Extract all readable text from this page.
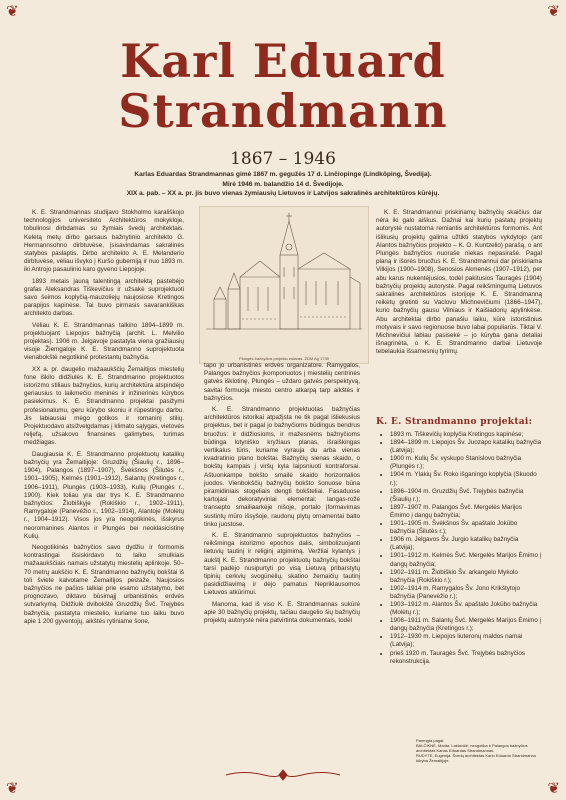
❦	❦
❦	❦
Karl Eduard
Strandmann
1867 – 1946
Karlas Eduardas Strandmannas gimė 1867 m. gegužės 17 d. Linčiopinge (Lindköping, Švedija).
Mirė 1946 m. balandžio 14 d. Švedijoje.
XIX a. pab. – XX a. pr. jis buvo vienas žymiausių Lietuvos ir Latvijos sakralinės architektūros kūrėjų.

K. E. Strandmannas studijavo Stokholmo karališkojo technologijos universiteto Architektūros mokykloje, tobulinosi dirbdamas su žymiais švedų architektais. Keletą metų dirbo garsaus bažnytinio architekto G. Hermannsohno dirbtuvėse, įsisavindamas sakralinės statybos paslaptis. Dirbo architekto A. E. Melanderio dirbtuvėse, vėliau išvyko į Kuršo guberniją ir nuo 1893 m. iki Antrojo pasaulinio karo gyveno Liepojoje.

1893 metais jauną talentingą architektą pastebėjo grafas Aleksandras Tiškevičius ir užsakė suprojektuoti savo šeimos koplyčią-mauzoliejų naujosiose Kretingos parapijos kapinėse. Tai buvo pirmasis savarankiškas architekto darbas.

Vėliau K. E. Strandmannas talkino 1894–1899 m. projektuojant Liepojos bažnyčią (archit. L. Melvilio projektas). 1906 m. Jelgavoje pastatyta viena gražiausių visoje Žiemgaloje K. E. Strandmanno suprojektuota vienabokštė negotikinė protestantų bažnyčia.

XX a. pr. daugelio mažaaukščių Žemaitijos miestelių fone iškilo didžiulės K. E. Strandmanno projektuotos istorizmo stiliaus bažnyčios, kurių architektūra atspindėjo geriausius to laikmečio meninės ir inžinerinės kūrybos pasiekimus. K. E. Strandmanno projektai pasižymi profesionalumu, geru kūrybo skoniu ir rūpestingu darbu. Jis labiausiai mėgo gotikos ir romaninį stilių. Projektuodavo atsižvelgdamas į klimato sąlygas, vietovės reljefą, užsakovo finansines galimybes, turimas medžiagas.

Daugiausia K. E. Strandmanno projektuotų katalikų bažnyčių yra Žemaitijoje: Gruzdžių (Šiaulių r., 1896–1904), Palangos (1897–1907), Švėkšnos (Šilutės r., 1901–1905), Kelmės (1901–1912), Salantų (Kretingos r., 1906–1911), Plungės (1903–1933), Kulių (Plungės r., 1900). Kiek toliau yra dar trys K. E. Strandmanno bažnyčios: Žiobiškyje (Rokiškio r., 1902–1911), Ramygaloje (Panevėžio r., 1902–1914), Alantoje (Molėtų r., 1904–1912). Visos jos yra neogotikinės, išskyrus neoromanines Alantos ir Plungės bei neoklasicistinę Kulių.

Neogotikinės bažnyčios savo dydžiu ir formomis kontrastingai išsiskirdavo to laiko smulkiais mažaaukščiais namais užstatytų miestelių aplinkoje. 50–70 metrų aukščio K. E. Strandmanno bažnyčių bokštai iš toli šviete kalvotame Žemaitijos peizaže. Naujosios bažnyčios ne pačios talkiai prie esamo užstatymo, bet prognozavo, diktavo būsimąjį urbanistinės erdvės sutvarkymą. Didžiulė dvibokštė Gruzdžių Švč. Trejybės bažnyčia, pastatyta miestelio, kuriame tuo laiku buvo apie 1 200 gyventojų, aikštės rytiniame šone,

Plungės bažnyčios projekto eskizas. ŽDM Ag 1739

tapo jo urbanistinės erdvės organizatore. Ramygalos, Palangos bažnyčios įkomponuotos į miestelių centrinės gatvės išklotinę, Plungės – uždaro gatvės perspektyvą, savitai formuoja miesto centro atkarpą tarp aikštės ir bažnyčios.

K. E. Strandmanno projektuotas bažnyčias architektūros istorikai atpažįsta ne tik pagal išliekusius projektus, bet ir pagal jo bažnyčioms būdingus bendrus bruožus: ir didžiosioms, ir mažesnėms bažnyčioms būdinga lotyniško kryžiaus planas, išraiškingas vertikalus tūris, kuriame vyrauja du arba vienas kvadratinio plano bokštai. Bažnyčių sienas skaido, o bokštų kampais į viršų kyla laipsniuoti kontraforsai. Aštuonkampe bokšto smailė skaido horizontalios juodos. Vienbokščių bažnyčių bokšto šonuose būna piramidiniais stogeliais dengti bokšteliai. Fasaduose kartojasi dekoratyviniai elementai: langas-rožė transepto smailiaarkėje nišoje, portalo įformavimas sustintų mūro išsyšoje, raudonų plytų ornamentai balto tinko juostose.

K. E. Strandmanno suprojektuotos bažnyčios – reikšminga istorizmo epochos dalis, simbolizuojanti lietuvių tautinį ir religinį atgimimą. Veržliai kylantys į aukštį K. E. Strandmanno projektuotų bažnyčių bokštai tarsi padėjo nusipurtyti po visą Lietuvą pribarstytų tipinių cerkvių svogūnėlių, skatino žemaičių tautinį pasididžiavimą ir dėjo pamatus Nepriklausomos Lietuvos atkūrimui.

Manoma, kad iš viso K. E. Strandmannas sukūrė apie 30 bažnyčių projektų, tačiau daugelio šių bažnyčių projektų autorystė nėra patvirtinta dokumentais, todėl

K. E. Strandmannui priskiriamų bažnyčių skaičius dar nėra iki galo aiškus. Dažnai kai kurių pastatų projektų autorystė nustatoma remiantis architektūros formomis. Ant išlikusių projektų galima užtikti statybos vykdytojo (ant Alantos bažnyčios projekto – K. O. Kuntzelio) parašą, o ant Plungės bažnyčios nuoraše niekas nepasirašė. Pagal planą ir išorės bruožus K. E. Strandmannui dar priskiriama Vilkijos (1900–1908), Senosios Akmenės (1907–1912), per abu karus nukentėjusios, todėl pakitusios Tauragės (1904) bažnyčių projektų autorystė. Pagal reikšmingumą Lietuvos sakralinės architektūros istorijoje K. E. Strandmanną reikėtų gretinti su Vaclovu Michnevičiumi (1866–1947), kurio bažnyčių gausu Vilniaus ir Kaišiadorių apylinkėse. Abu architektai dirbo panašiu laiku, kūrė istoristinius motyvais ir savo regionuose buvo labai populiarūs. Tiktai V. Michnevičiui labiau pasisekė – jo kūryba gana detaliai išnagrinėta, o K. E. Strandmanno darbai Lietuvoje tebelaukia išsamesnių tyrimų.

K. E. Strandmanno projektai:
• 1893 m. Tiškevičių koplyčia Kretingos kapinėse;
• 1894–1899 m. Liepojos Šv. Juozapo katalikų bažnyčia (Latvija);
• 1900 m. Kulių Šv. vyskupo Stanislovo bažnyčia (Plungės r.);
• 1904 m. Ylakių Šv. Roko išganingo koplyčia (Skuodo r.);
• 1896–1904 m. Gruzdžių Švč. Trejybės bažnyčia (Šiaulių r.);
• 1897–1907 m. Palangos Švč. Mergelės Marijos Ėmimo į dangų bažnyčia;
• 1901–1905 m. Švėkšnos Šv. apaštalo Jokūbo bažnyčia (Šilutės r.);
• 1906 m. Jelgavos Šv. Jurgio katalikų bažnyčia (Latvija);
• 1901–1912 m. Kelmės Švč. Mergelės Marijos Ėmimo į dangų bažnyčia;
• 1902–1911 m. Žiobiškio Šv. arkangelo Mykolo bažnyčia (Rokiškio r.);
• 1902–1914 m. Ramygalos Šv. Jono Krikštytojo bažnyčia (Panevėžio r.);
• 1903–1912 m. Alantos Šv. apaštalo Jokūbo bažnyčia (Molėtų r.);
• 1906–1911 m. Salantų Švč. Mergelės Marijos Ėmimo į dangų bažnyčia (Kretingos r.);
• 1912–1930 m. Liepojos liuteronų maldos namai (Latvija);
• prieš 1920 m. Tauragės Švč. Trejybės bažnyčios rekonstrukcija.
Parengta pagal:
BALČIKNĖ, Marita. Lakiavičė, neogotika ir Palangos bažnyčios architektas Karlas Eduardas Strandmannas.
RUDYTĖ, Eugenija. Švedų architektas Karlo Eduardo Strandmanno kūryba Žemaitijoje.
